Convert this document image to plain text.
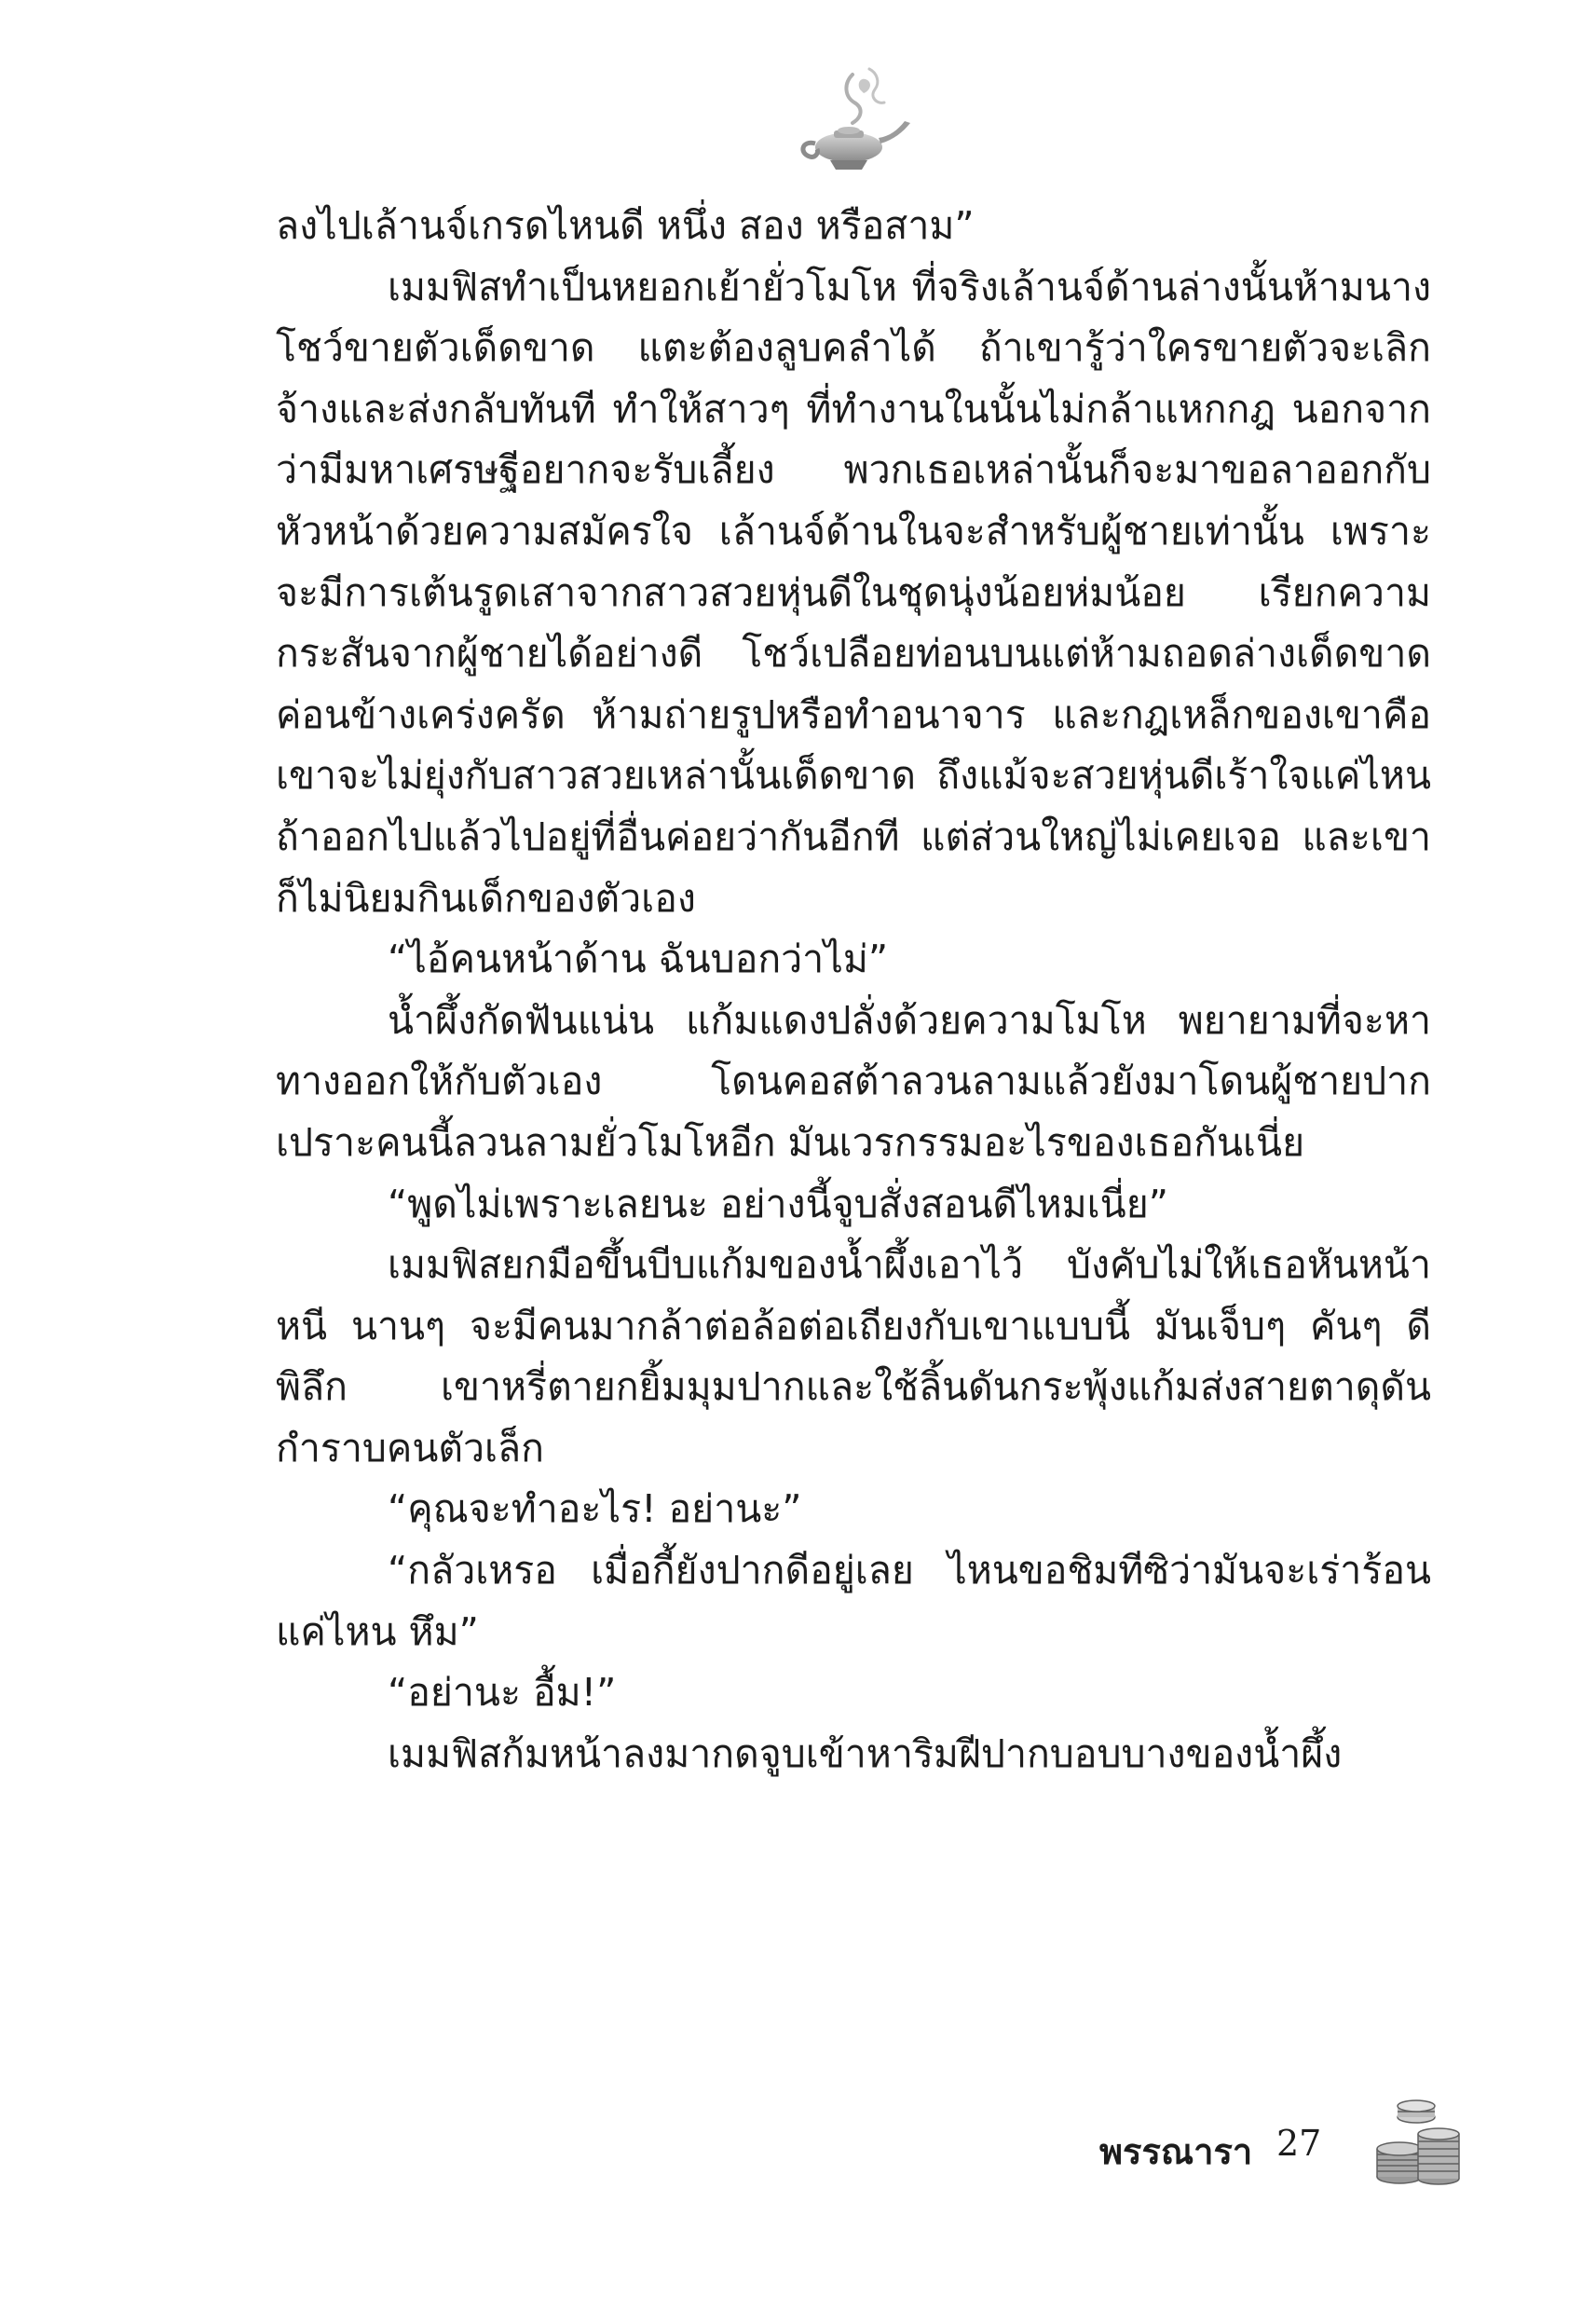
ลงไปเล้านจ์เกรดไหนดี หนึ่ง สอง หรือสาม”

เมมฟิสทำเป็นหยอกเย้ายั่วโมโห ที่จริงเล้านจ์ด้านล่างนั้นห้ามนางโชว์ขายตัวเด็ดขาด แตะต้องลูบคลำได้ ถ้าเขารู้ว่าใครขายตัวจะเลิกจ้างและส่งกลับทันที ทำให้สาวๆ ที่ทำงานในนั้นไม่กล้าแหกกฎ นอกจากว่ามีมหาเศรษฐีอยากจะรับเลี้ยง พวกเธอเหล่านั้นก็จะมาขอลาออกกับหัวหน้าด้วยความสมัครใจ เล้านจ์ด้านในจะสำหรับผู้ชายเท่านั้น เพราะจะมีการเต้นรูดเสาจากสาวสวยหุ่นดีในชุดนุ่งน้อยห่มน้อย เรียกความกระสันจากผู้ชายได้อย่างดี โชว์เปลือยท่อนบนแต่ห้ามถอดล่างเด็ดขาด ค่อนข้างเคร่งครัด ห้ามถ่ายรูปหรือทำอนาจาร และกฎเหล็กของเขาคือ เขาจะไม่ยุ่งกับสาวสวยเหล่านั้นเด็ดขาด ถึงแม้จะสวยหุ่นดีเร้าใจแค่ไหน ถ้าออกไปแล้วไปอยู่ที่อื่นค่อยว่ากันอีกที แต่ส่วนใหญ่ไม่เคยเจอ และเขาก็ไม่นิยมกินเด็กของตัวเอง

“ไอ้คนหน้าด้าน ฉันบอกว่าไม่”

น้ำผึ้งกัดฟันแน่น แก้มแดงปลั่งด้วยความโมโห พยายามที่จะหาทางออกให้กับตัวเอง โดนคอสต้าลวนลามแล้วยังมาโดนผู้ชายปากเปราะคนนี้ลวนลามยั่วโมโหอีก มันเวรกรรมอะไรของเธอกันเนี่ย

“พูดไม่เพราะเลยนะ อย่างนี้จูบสั่งสอนดีไหมเนี่ย”

เมมฟิสยกมือขึ้นบีบแก้มของน้ำผึ้งเอาไว้ บังคับไม่ให้เธอหันหน้าหนี นานๆ จะมีคนมากล้าต่อล้อต่อเถียงกับเขาแบบนี้ มันเจ็บๆ คันๆ ดีพิลึก เขาหรี่ตายกยิ้มมุมปากและใช้ลิ้นดันกระพุ้งแก้มส่งสายตาดุดันกำราบคนตัวเล็ก

“คุณจะทำอะไร! อย่านะ”

“กลัวเหรอ เมื่อกี้ยังปากดีอยู่เลย ไหนขอชิมทีซิว่ามันจะเร่าร้อนแค่ไหน หึม”

“อย่านะ อื้ม!”

เมมฟิสก้มหน้าลงมากดจูบเข้าหาริมฝีปากบอบบางของน้ำผึ้ง

พรรณารา 27
